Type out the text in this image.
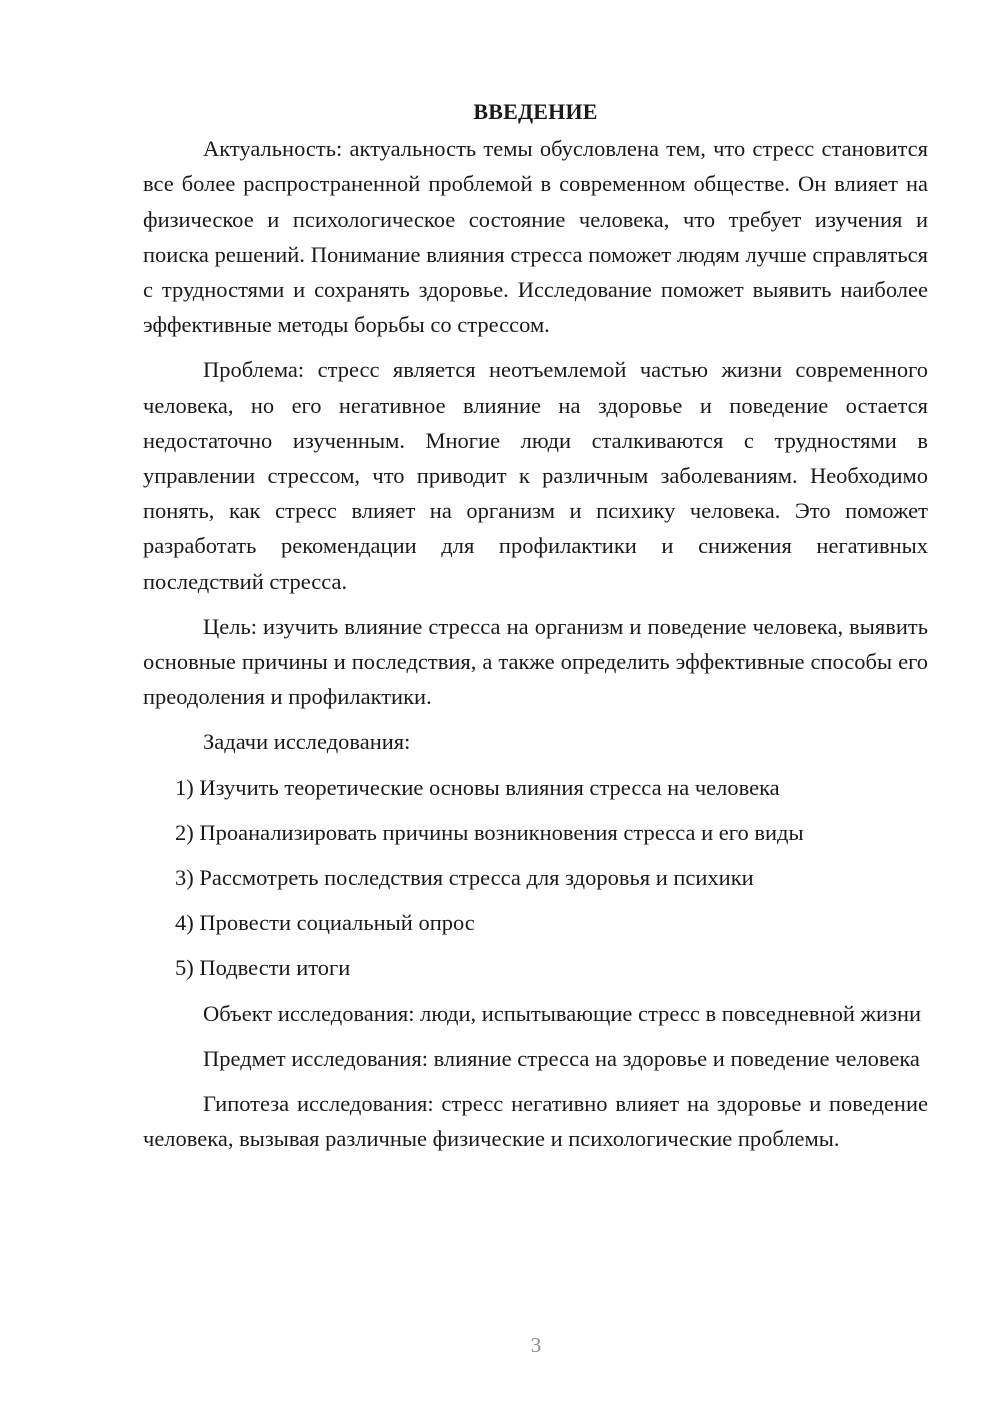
ВВЕДЕНИЕ

Актуальность: актуальность темы обусловлена тем, что стресс становится все более распространенной проблемой в современном обществе. Он влияет на физическое и психологическое состояние человека, что требует изучения и поиска решений. Понимание влияния стресса поможет людям лучше справляться с трудностями и сохранять здоровье. Исследование поможет выявить наиболее эффективные методы борьбы со стрессом.

Проблема: стресс является неотъемлемой частью жизни современного человека, но его негативное влияние на здоровье и поведение остается недостаточно изученным. Многие люди сталкиваются с трудностями в управлении стрессом, что приводит к различным заболеваниям. Необходимо понять, как стресс влияет на организм и психику человека. Это поможет разработать рекомендации для профилактики и снижения негативных последствий стресса.

Цель: изучить влияние стресса на организм и поведение человека, выявить основные причины и последствия, а также определить эффективные способы его преодоления и профилактики.

Задачи исследования:

1) Изучить теоретические основы влияния стресса на человека
2) Проанализировать причины возникновения стресса и его виды
3) Рассмотреть последствия стресса для здоровья и психики
4) Провести социальный опрос
5) Подвести итоги

Объект исследования: люди, испытывающие стресс в повседневной жизни

Предмет исследования: влияние стресса на здоровье и поведение человека

Гипотеза исследования: стресс негативно влияет на здоровье и поведение человека, вызывая различные физические и психологические проблемы.

3
